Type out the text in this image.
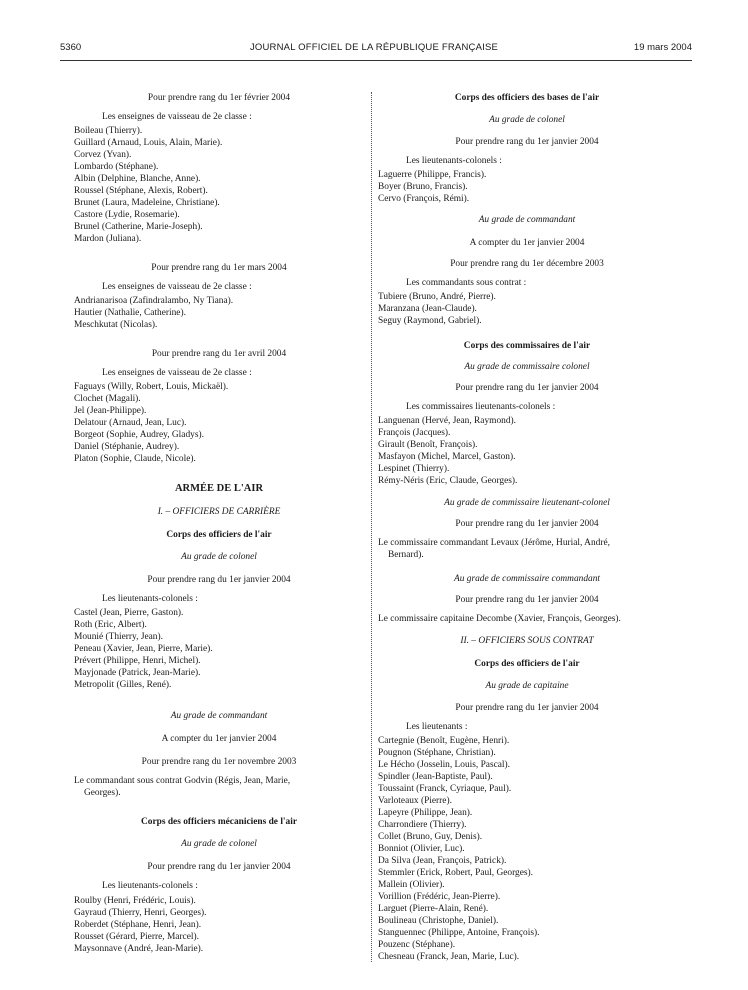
5360	JOURNAL OFFICIEL DE LA RÉPUBLIQUE FRANÇAISE	19 mars 2004
Pour prendre rang du 1er février 2004
Les enseignes de vaisseau de 2e classe :
Boileau (Thierry).
Guillard (Arnaud, Louis, Alain, Marie).
Corvez (Yvan).
Lombardo (Stéphane).
Albin (Delphine, Blanche, Anne).
Roussel (Stéphane, Alexis, Robert).
Brunet (Laura, Madeleine, Christiane).
Castore (Lydie, Rosemarie).
Brunel (Catherine, Marie-Joseph).
Mardon (Juliana).
Pour prendre rang du 1er mars 2004
Les enseignes de vaisseau de 2e classe :
Andrianarisoa (Zafindralambo, Ny Tiana).
Hautier (Nathalie, Catherine).
Meschkutat (Nicolas).
Pour prendre rang du 1er avril 2004
Les enseignes de vaisseau de 2e classe :
Faguays (Willy, Robert, Louis, Mickaël).
Clochet (Magali).
Jel (Jean-Philippe).
Delatour (Arnaud, Jean, Luc).
Borgeot (Sophie, Audrey, Gladys).
Daniel (Stéphanie, Audrey).
Platon (Sophie, Claude, Nicole).
ARMÉE DE L'AIR
I. – OFFICIERS DE CARRIÈRE
Corps des officiers de l'air
Au grade de colonel
Pour prendre rang du 1er janvier 2004
Les lieutenants-colonels :
Castel (Jean, Pierre, Gaston).
Roth (Eric, Albert).
Mounié (Thierry, Jean).
Peneau (Xavier, Jean, Pierre, Marie).
Prévert (Philippe, Henri, Michel).
Mayjonade (Patrick, Jean-Marie).
Metropolit (Gilles, René).
Au grade de commandant
A compter du 1er janvier 2004
Pour prendre rang du 1er novembre 2003
Le commandant sous contrat Godvin (Régis, Jean, Marie,
Georges).
Corps des officiers mécaniciens de l'air
Au grade de colonel
Pour prendre rang du 1er janvier 2004
Les lieutenants-colonels :
Roulby (Henri, Frédéric, Louis).
Gayraud (Thierry, Henri, Georges).
Roberdet (Stéphane, Henri, Jean).
Rousset (Gérard, Pierre, Marcel).
Maysonnave (André, Jean-Marie).
Corps des officiers des bases de l'air
Au grade de colonel
Pour prendre rang du 1er janvier 2004
Les lieutenants-colonels :
Laguerre (Philippe, Francis).
Boyer (Bruno, Francis).
Cervo (François, Rémi).
Au grade de commandant
A compter du 1er janvier 2004
Pour prendre rang du 1er décembre 2003
Les commandants sous contrat :
Tubiere (Bruno, André, Pierre).
Maranzana (Jean-Claude).
Seguy (Raymond, Gabriel).
Corps des commissaires de l'air
Au grade de commissaire colonel
Pour prendre rang du 1er janvier 2004
Les commissaires lieutenants-colonels :
Languenan (Hervé, Jean, Raymond).
François (Jacques).
Girault (Benoît, François).
Masfayon (Michel, Marcel, Gaston).
Lespinet (Thierry).
Rémy-Néris (Eric, Claude, Georges).
Au grade de commissaire lieutenant-colonel
Pour prendre rang du 1er janvier 2004
Le commissaire commandant Levaux (Jérôme, Hurial, André,
Bernard).
Au grade de commissaire commandant
Pour prendre rang du 1er janvier 2004
Le commissaire capitaine Decombe (Xavier, François, Georges).
II. – OFFICIERS SOUS CONTRAT
Corps des officiers de l'air
Au grade de capitaine
Pour prendre rang du 1er janvier 2004
Les lieutenants :
Cartegnie (Benoît, Eugène, Henri).
Pougnon (Stéphane, Christian).
Le Hécho (Josselin, Louis, Pascal).
Spindler (Jean-Baptiste, Paul).
Toussaint (Franck, Cyriaque, Paul).
Varloteaux (Pierre).
Lapeyre (Philippe, Jean).
Charrondiere (Thierry).
Collet (Bruno, Guy, Denis).
Bonniot (Olivier, Luc).
Da Silva (Jean, François, Patrick).
Stemmler (Erick, Robert, Paul, Georges).
Mallein (Olivier).
Vorillion (Frédéric, Jean-Pierre).
Larguet (Pierre-Alain, René).
Boulineau (Christophe, Daniel).
Stanguennec (Philippe, Antoine, François).
Pouzenc (Stéphane).
Chesneau (Franck, Jean, Marie, Luc).
